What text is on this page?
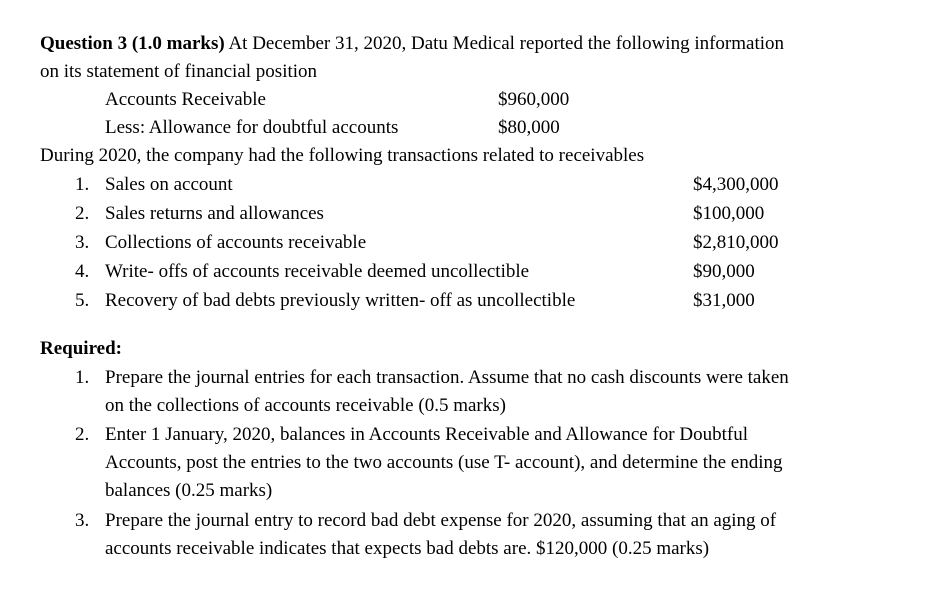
Question 3 (1.0 marks) At December 31, 2020, Datu Medical reported the following information
on its statement of financial position
Accounts Receivable	$960,000
Less: Allowance for doubtful accounts	$80,000
During 2020, the company had the following transactions related to receivables
1. Sales on account	$4,300,000
2. Sales returns and allowances	$100,000
3. Collections of accounts receivable	$2,810,000
4. Write- offs of accounts receivable deemed uncollectible	$90,000
5. Recovery of bad debts previously written- off as uncollectible	$31,000
Required:
1. Prepare the journal entries for each transaction. Assume that no cash discounts were taken
on the collections of accounts receivable (0.5 marks)
2. Enter 1 January, 2020, balances in Accounts Receivable and Allowance for Doubtful
Accounts, post the entries to the two accounts (use T- account), and determine the ending
balances (0.25 marks)
3. Prepare the journal entry to record bad debt expense for 2020, assuming that an aging of
accounts receivable indicates that expects bad debts are. $120,000 (0.25 marks)
